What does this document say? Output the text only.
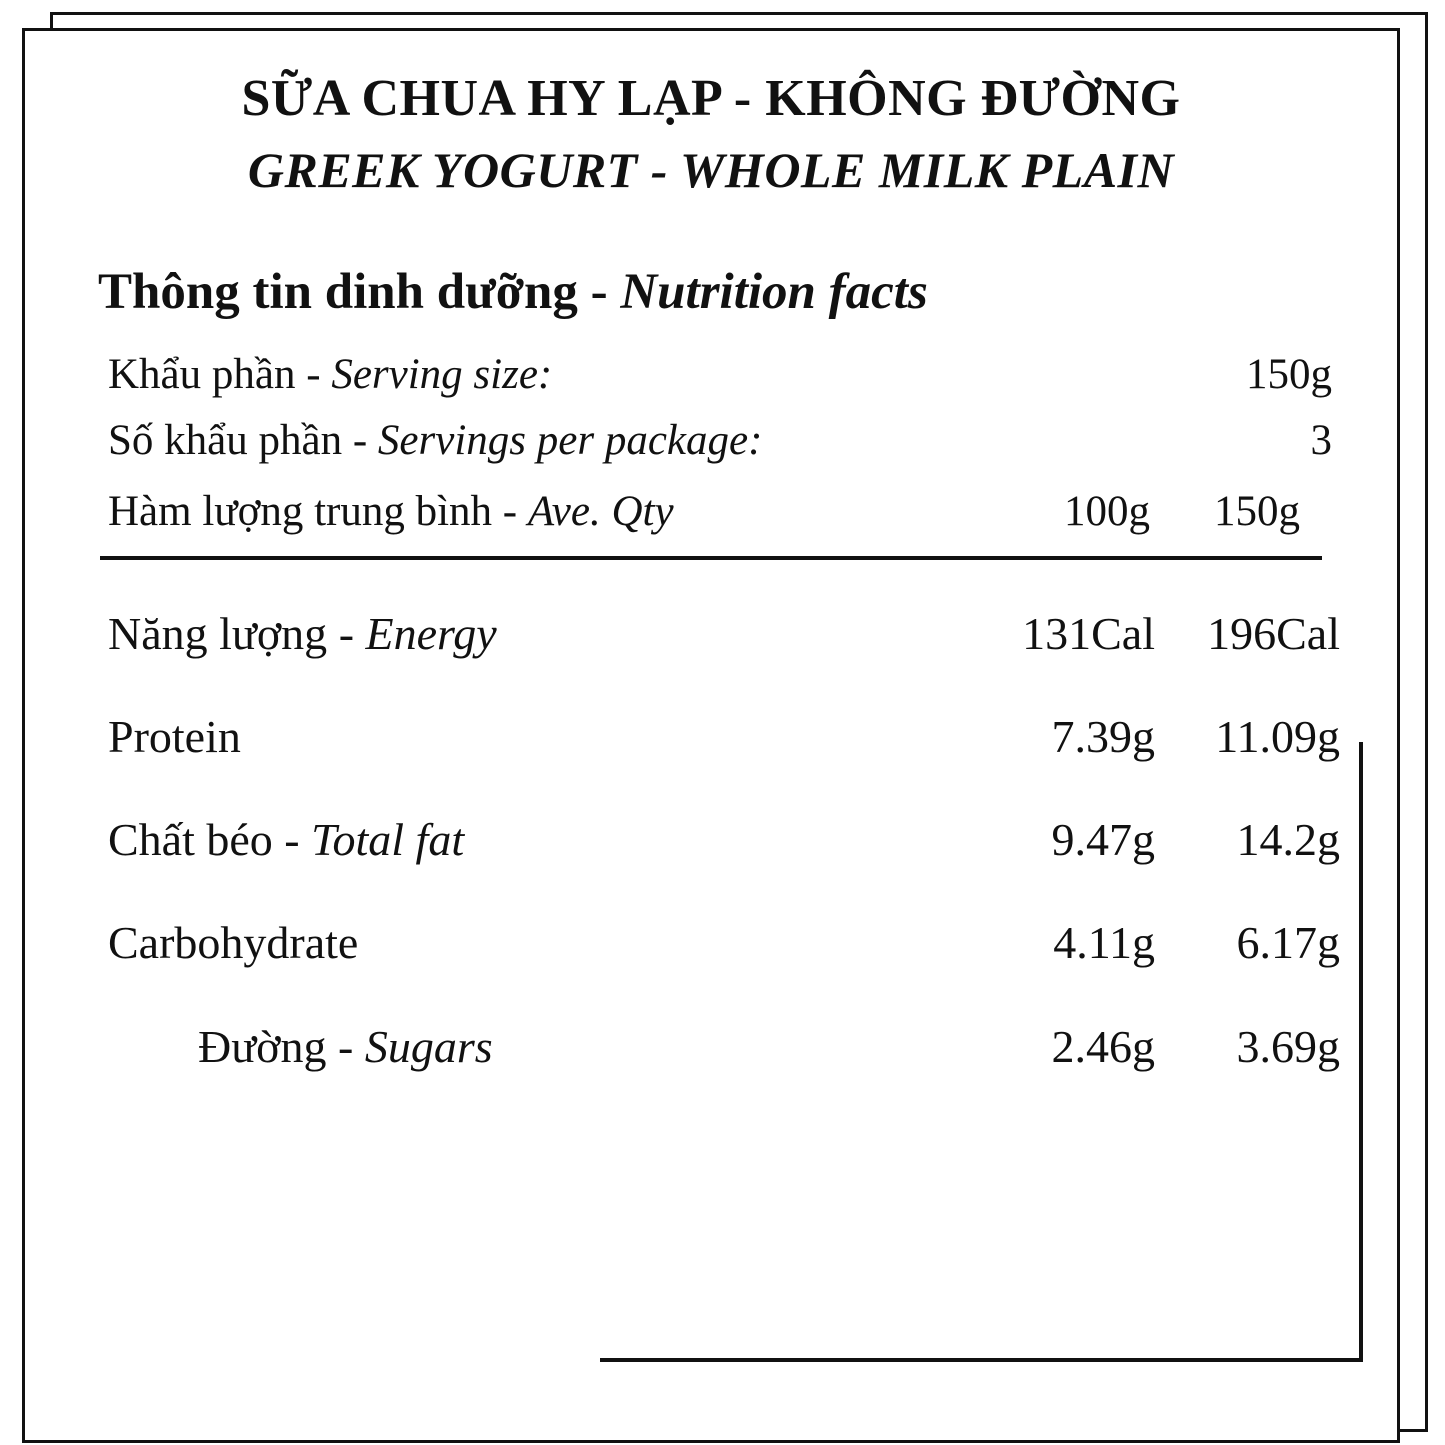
SỮA CHUA HY LẠP - KHÔNG ĐƯỜNG
GREEK YOGURT - WHOLE MILK PLAIN
Thông tin dinh dưỡng - Nutrition facts
Khẩu phần - Serving size:	150g
Số khẩu phần - Servings per package:	3
Hàm lượng trung bình - Ave. Qty	100g	150g
Năng lượng - Energy	131Cal	196Cal
Protein	7.39g	11.09g
Chất béo - Total fat	9.47g	14.2g
Carbohydrate	4.11g	6.17g
Đường - Sugars	2.46g	3.69g
